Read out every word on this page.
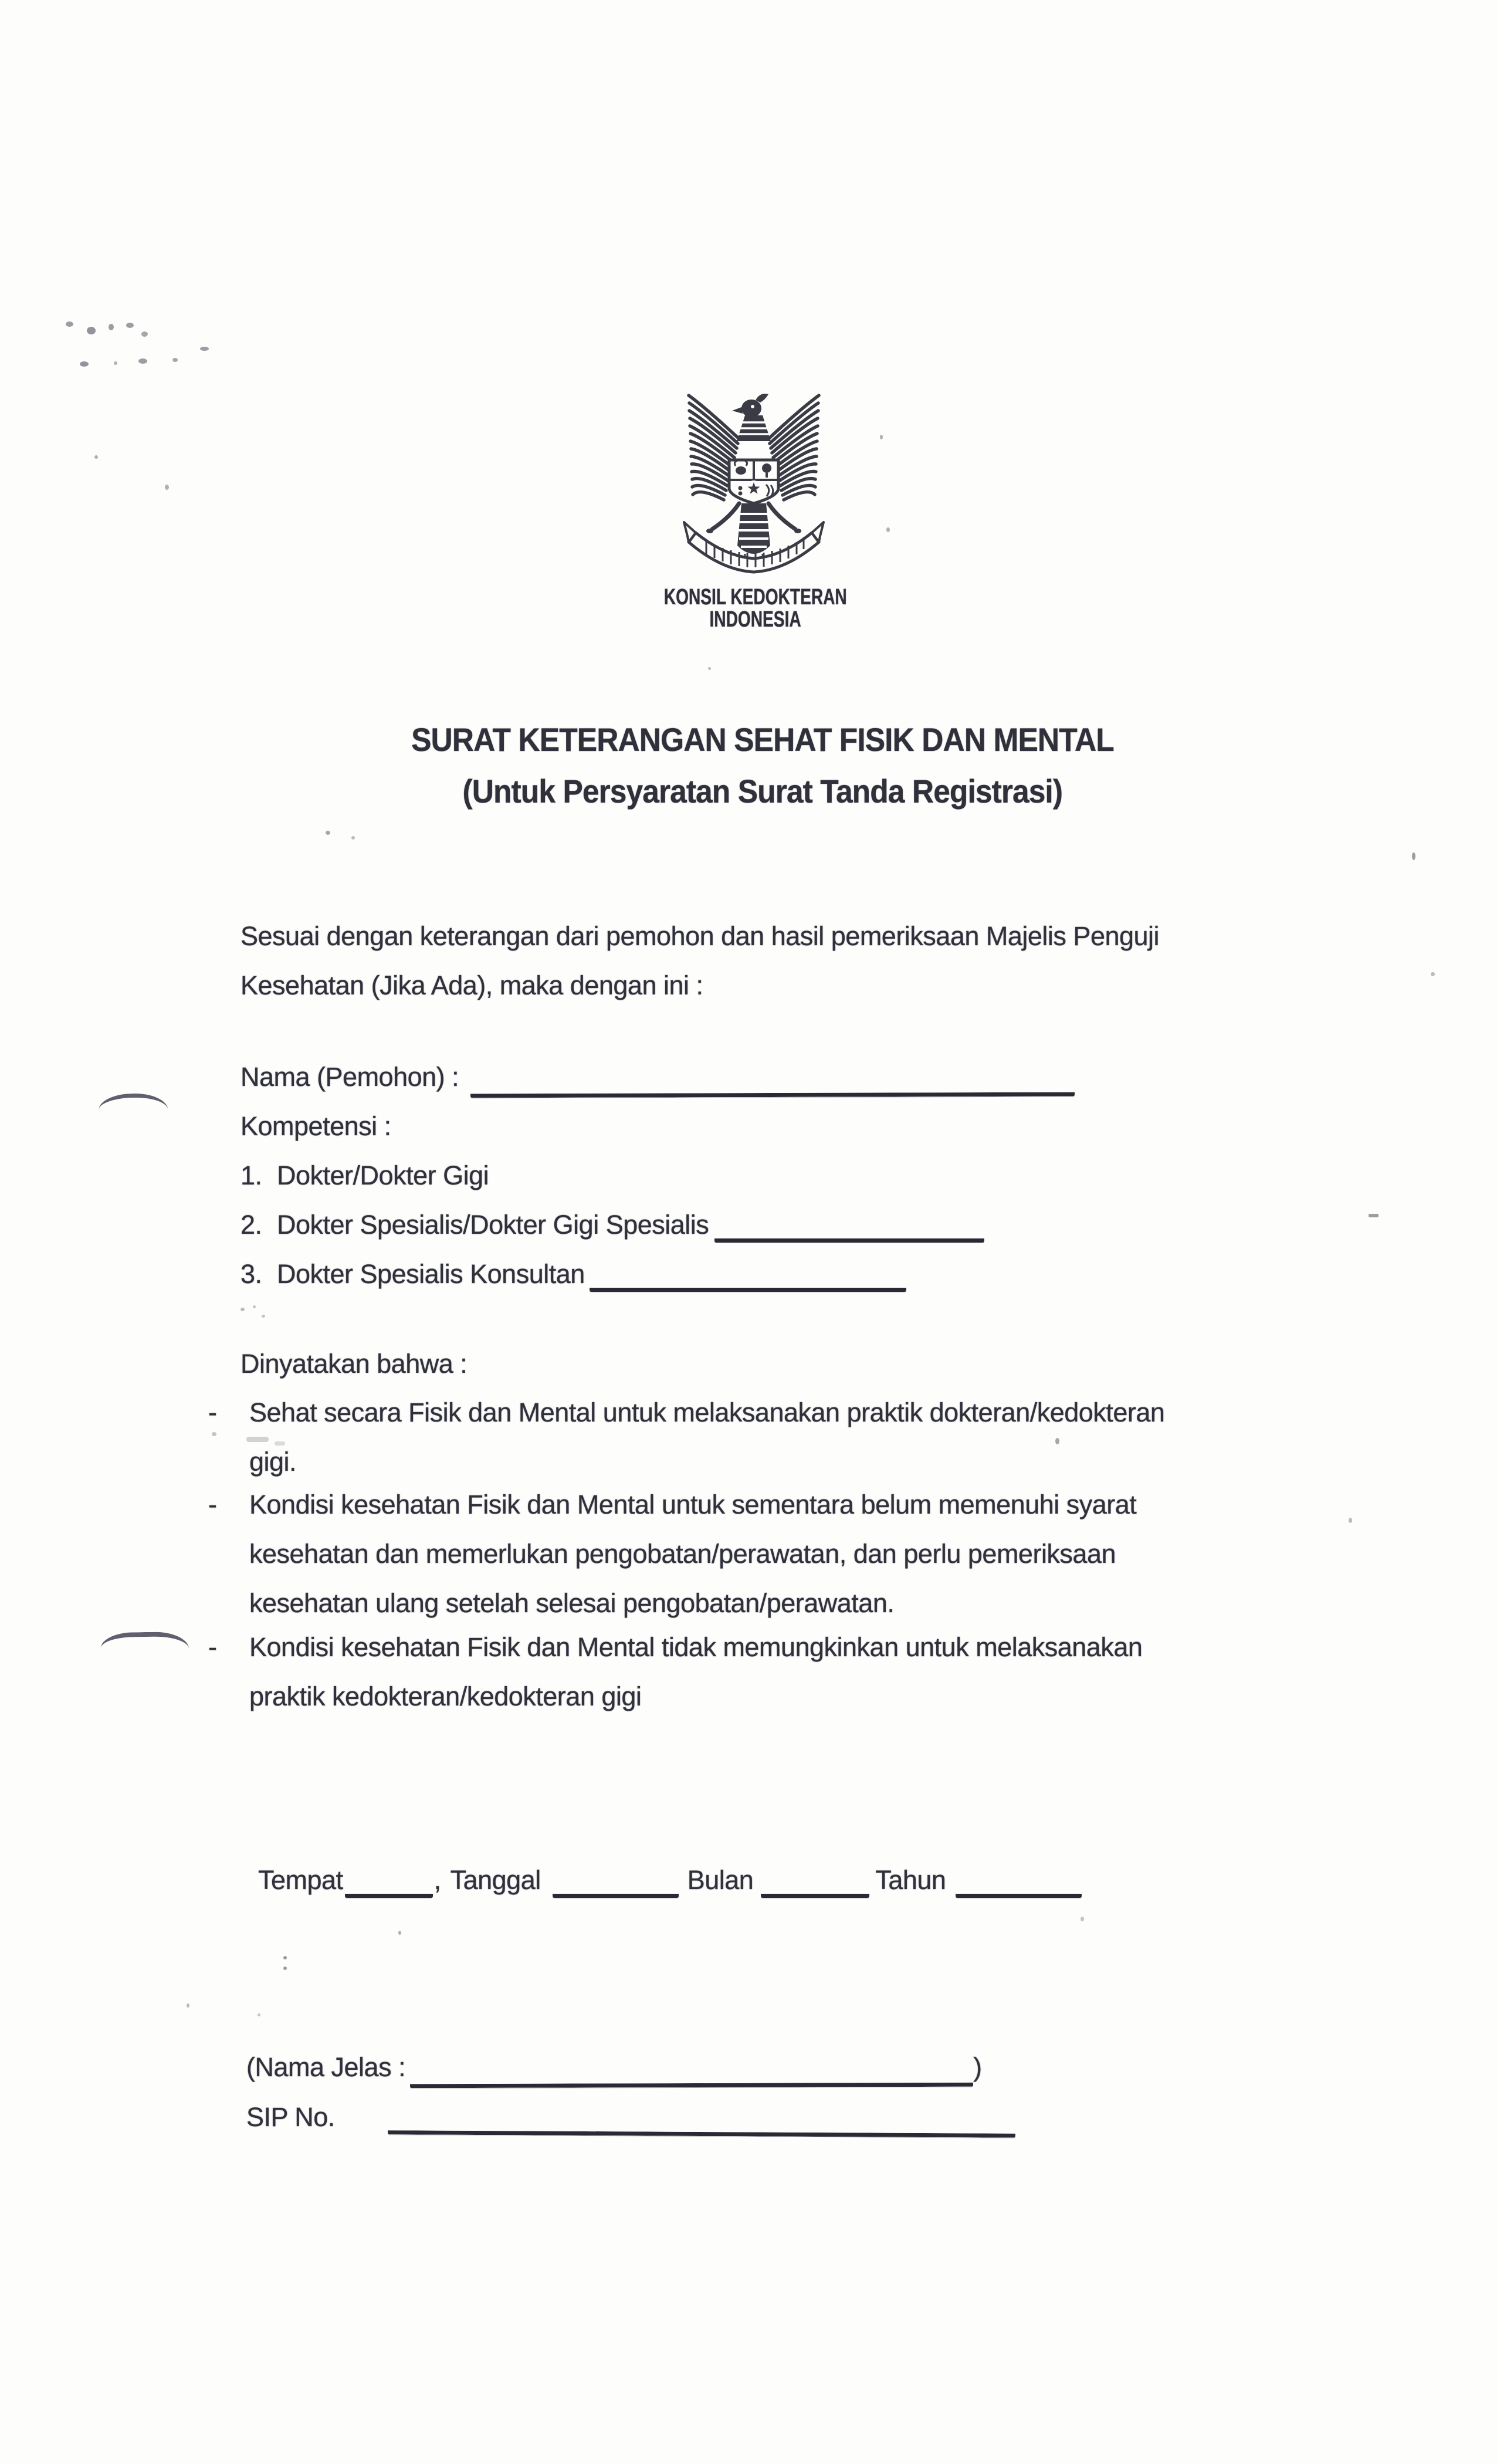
KONSIL KEDOKTERAN
INDONESIA
SURAT KETERANGAN SEHAT FISIK DAN MENTAL
(Untuk Persyaratan Surat Tanda Registrasi)
Sesuai dengan keterangan dari pemohon dan hasil pemeriksaan Majelis Penguji
Kesehatan (Jika Ada), maka dengan ini :
Nama (Pemohon) :
Kompetensi :
1. Dokter/Dokter Gigi
2. Dokter Spesialis/Dokter Gigi Spesialis
3. Dokter Spesialis Konsultan
Dinyatakan bahwa :
-	Sehat secara Fisik dan Mental untuk melaksanakan praktik dokteran/kedokteran
gigi.
-	Kondisi kesehatan Fisik dan Mental untuk sementara belum memenuhi syarat
kesehatan dan memerlukan pengobatan/perawatan, dan perlu pemeriksaan
kesehatan ulang setelah selesai pengobatan/perawatan.
-	Kondisi kesehatan Fisik dan Mental tidak memungkinkan untuk melaksanakan
praktik kedokteran/kedokteran gigi
Tempat	, Tanggal	Bulan	Tahun
(Nama Jelas :	)
SIP No.
